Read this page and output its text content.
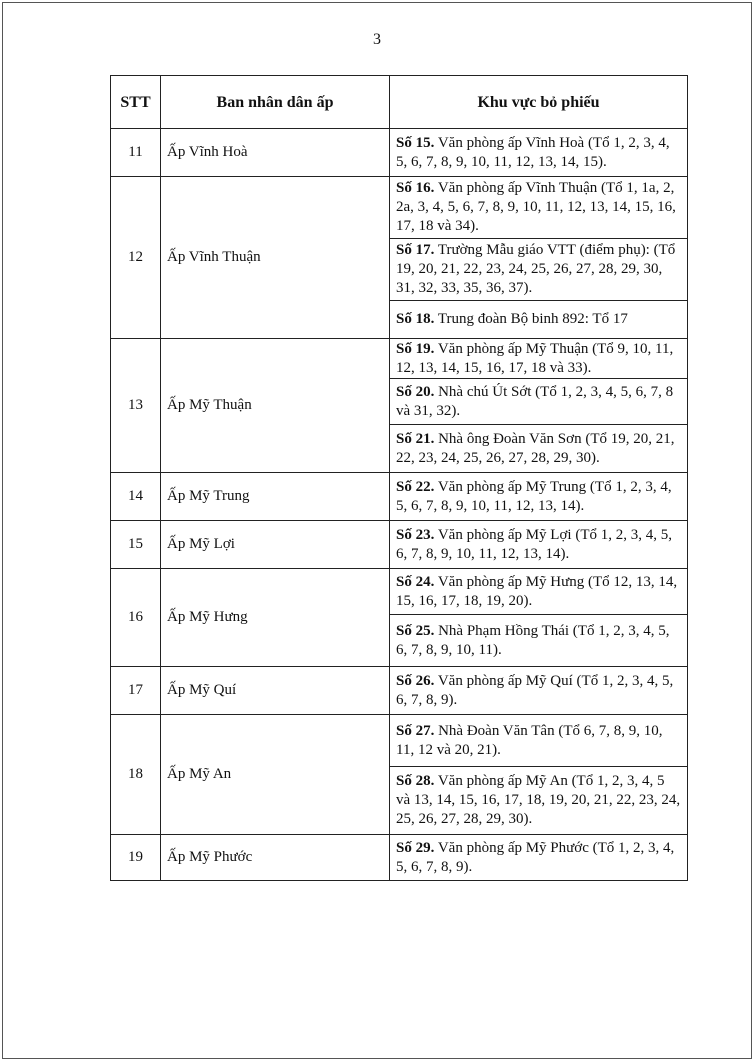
3
STT	Ban nhân dân ấp	Khu vực bỏ phiếu
11	Ấp Vĩnh Hoà	Số 15. Văn phòng ấp Vĩnh Hoà (Tổ 1, 2, 3, 4, 5, 6, 7, 8, 9, 10, 11, 12, 13, 14, 15).
12	Ấp Vĩnh Thuận	Số 16. Văn phòng ấp Vĩnh Thuận (Tổ 1, 1a, 2, 2a, 3, 4, 5, 6, 7, 8, 9, 10, 11, 12, 13, 14, 15, 16, 17, 18 và 34).
		Số 17. Trường Mẫu giáo VTT (điểm phụ): (Tổ 19, 20, 21, 22, 23, 24, 25, 26, 27, 28, 29, 30, 31, 32, 33, 35, 36, 37).
		Số 18. Trung đoàn Bộ binh 892: Tổ 17
13	Ấp Mỹ Thuận	Số 19. Văn phòng ấp Mỹ Thuận (Tổ 9, 10, 11, 12, 13, 14, 15, 16, 17, 18 và 33).
		Số 20. Nhà chú Út Sớt (Tổ 1, 2, 3, 4, 5, 6, 7, 8 và 31, 32).
		Số 21. Nhà ông Đoàn Văn Sơn (Tổ 19, 20, 21, 22, 23, 24, 25, 26, 27, 28, 29, 30).
14	Ấp Mỹ Trung	Số 22. Văn phòng ấp Mỹ Trung (Tổ 1, 2, 3, 4, 5, 6, 7, 8, 9, 10, 11, 12, 13, 14).
15	Ấp Mỹ Lợi	Số 23. Văn phòng ấp Mỹ Lợi (Tổ 1, 2, 3, 4, 5, 6, 7, 8, 9, 10, 11, 12, 13, 14).
16	Ấp Mỹ Hưng	Số 24. Văn phòng ấp Mỹ Hưng (Tổ 12, 13, 14, 15, 16, 17, 18, 19, 20).
		Số 25. Nhà Phạm Hồng Thái (Tổ 1, 2, 3, 4, 5, 6, 7, 8, 9, 10, 11).
17	Ấp Mỹ Quí	Số 26. Văn phòng ấp Mỹ Quí (Tổ 1, 2, 3, 4, 5, 6, 7, 8, 9).
18	Ấp Mỹ An	Số 27. Nhà Đoàn Văn Tân (Tổ 6, 7, 8, 9, 10, 11, 12 và 20, 21).
		Số 28. Văn phòng ấp Mỹ An (Tổ 1, 2, 3, 4, 5 và 13, 14, 15, 16, 17, 18, 19, 20, 21, 22, 23, 24, 25, 26, 27, 28, 29, 30).
19	Ấp Mỹ Phước	Số 29. Văn phòng ấp Mỹ Phước (Tổ 1, 2, 3, 4, 5, 6, 7, 8, 9).
